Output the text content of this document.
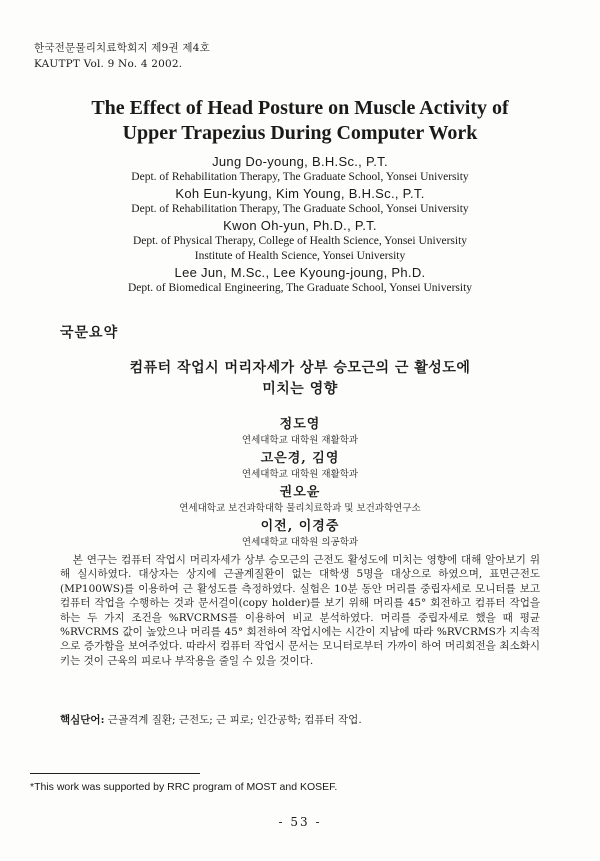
한국전문물리치료학회지 제9권 제4호
KAUTPT Vol. 9 No. 4 2002.
The Effect of Head Posture on Muscle Activity of
Upper Trapezius During Computer Work
Jung Do-young, B.H.Sc., P.T.
Dept. of Rehabilitation Therapy, The Graduate School, Yonsei University
Koh Eun-kyung, Kim Young, B.H.Sc., P.T.
Dept. of Rehabilitation Therapy, The Graduate School, Yonsei University
Kwon Oh-yun, Ph.D., P.T.
Dept. of Physical Therapy, College of Health Science, Yonsei University
Institute of Health Science, Yonsei University
Lee Jun, M.Sc., Lee Kyoung-joung, Ph.D.
Dept. of Biomedical Engineering, The Graduate School, Yonsei University
국문요약
컴퓨터 작업시 머리자세가 상부 승모근의 근 활성도에
미치는 영향
정도영
연세대학교 대학원 재활학과
고은경, 김영
연세대학교 대학원 재활학과
권오윤
연세대학교 보건과학대학 물리치료학과 및 보건과학연구소
이전, 이경중
연세대학교 대학원 의공학과

본 연구는 컴퓨터 작업시 머리자세가 상부 승모근의 근전도 활성도에 미치는 영향에 대해 알아보기 위해 실시하였다. 대상자는 상지에 근골계질환이 없는 대학생 5명을 대상으로 하였으며, 표면근전도(MP100WS)를 이용하여 근 활성도를 측정하였다. 실험은 10분 동안 머리를 중립자세로 모니터를 보고 컴퓨터 작업을 수행하는 것과 문서걸이(copy holder)를 보기 위해 머리를 45° 회전하고 컴퓨터 작업을 하는 두 가지 조건을 %RVCRMS를 이용하여 비교 분석하였다. 머리를 중립자세로 했을 때 평균 %RVCRMS 값이 높았으나 머리를 45° 회전하여 작업시에는 시간이 지남에 따라 %RVCRMS가 지속적으로 증가함을 보여주었다. 따라서 컴퓨터 작업시 문서는 모니터로부터 가까이 하여 머리회전을 최소화시키는 것이 근육의 피로나 부작용을 줄일 수 있을 것이다.

핵심단어: 근골격계 질환; 근전도; 근 피로; 인간공학; 컴퓨터 작업.
*This work was supported by RRC program of MOST and KOSEF.
- 53 -
